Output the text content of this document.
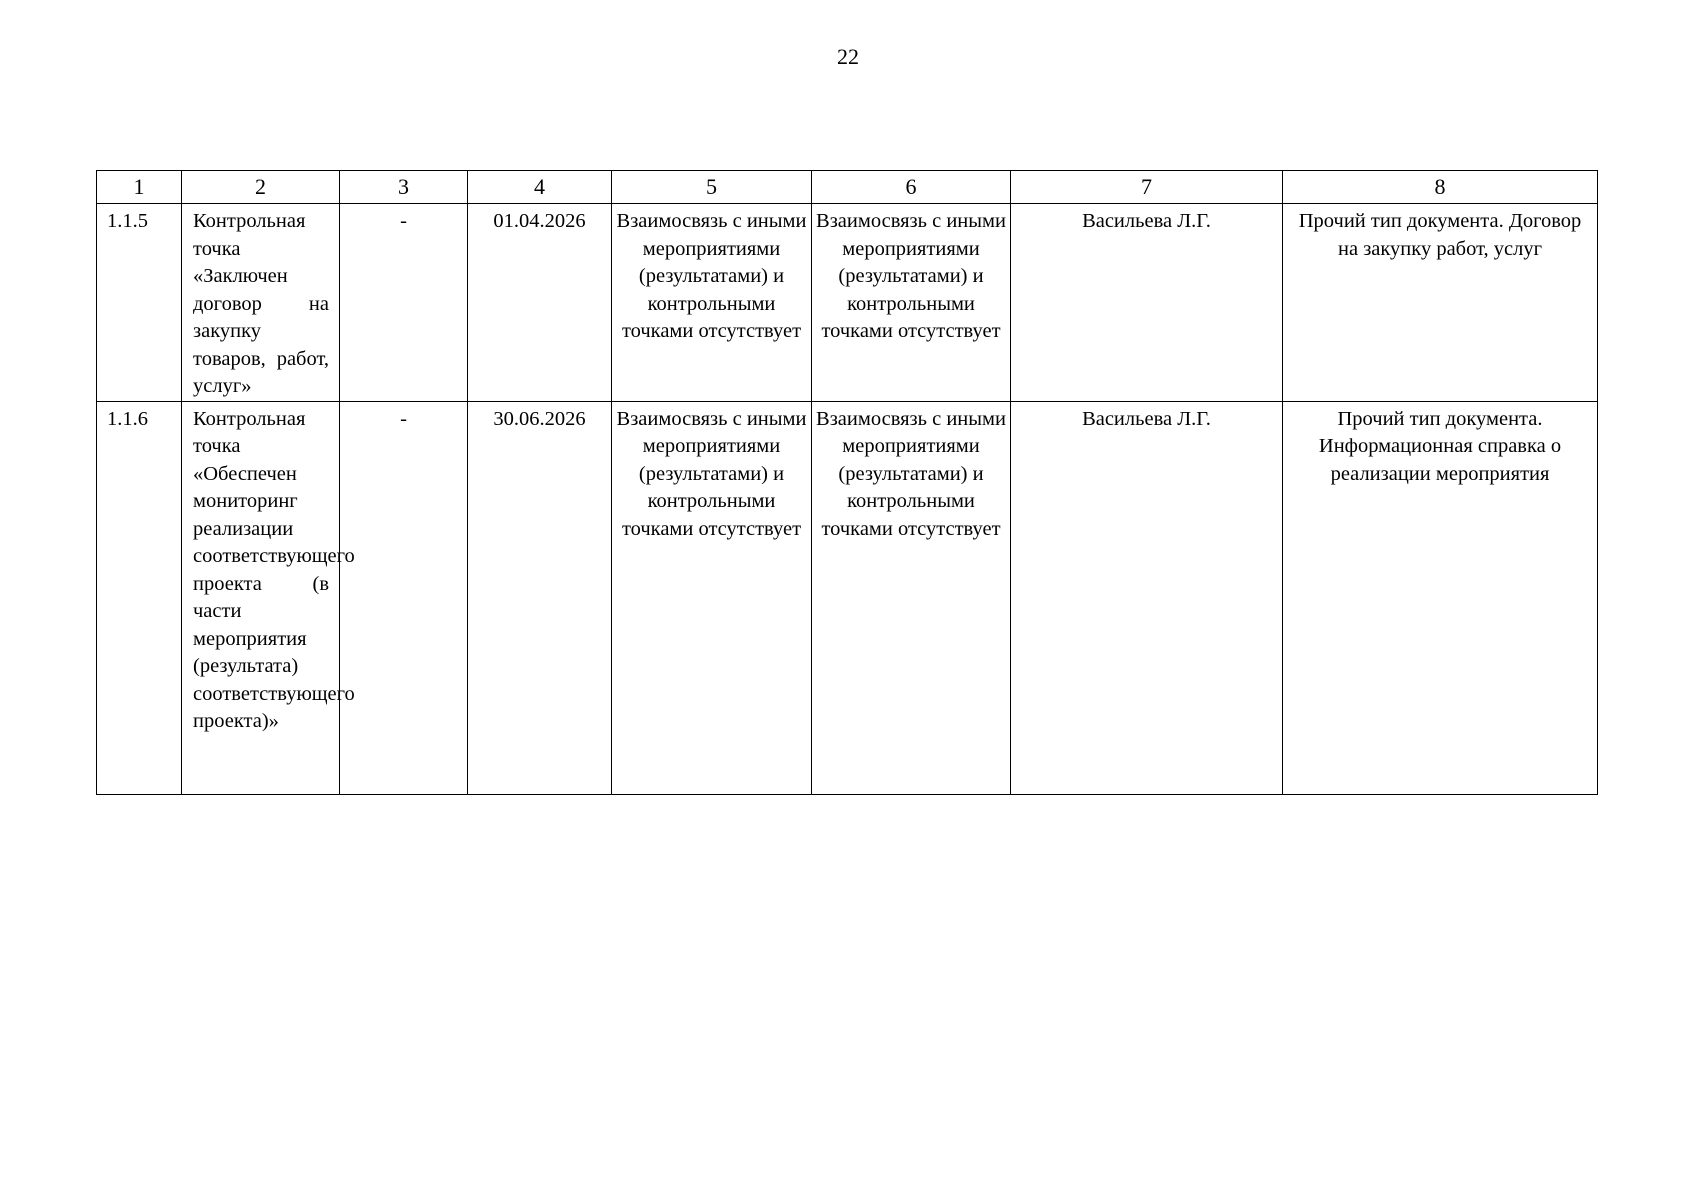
22
1	2	3	4	5	6	7	8

1.1.5	Контрольная точка «Заключен договор на закупку товаров, работ, услуг»	-	01.04.2026	Взаимосвязь с иными мероприятиями (результатами) и контрольными точками отсутствует	Взаимосвязь с иными мероприятиями (результатами) и контрольными точками отсутствует	Васильева Л.Г.	Прочий тип документа. Договор на закупку работ, услуг

1.1.6	Контрольная точка «Обеспечен мониторинг реализации соответствующего проекта (в части мероприятия (результата) соответствующего проекта)»	-	30.06.2026	Взаимосвязь с иными мероприятиями (результатами) и контрольными точками отсутствует	Взаимосвязь с иными мероприятиями (результатами) и контрольными точками отсутствует	Васильева Л.Г.	Прочий тип документа. Информационная справка о реализации мероприятия
